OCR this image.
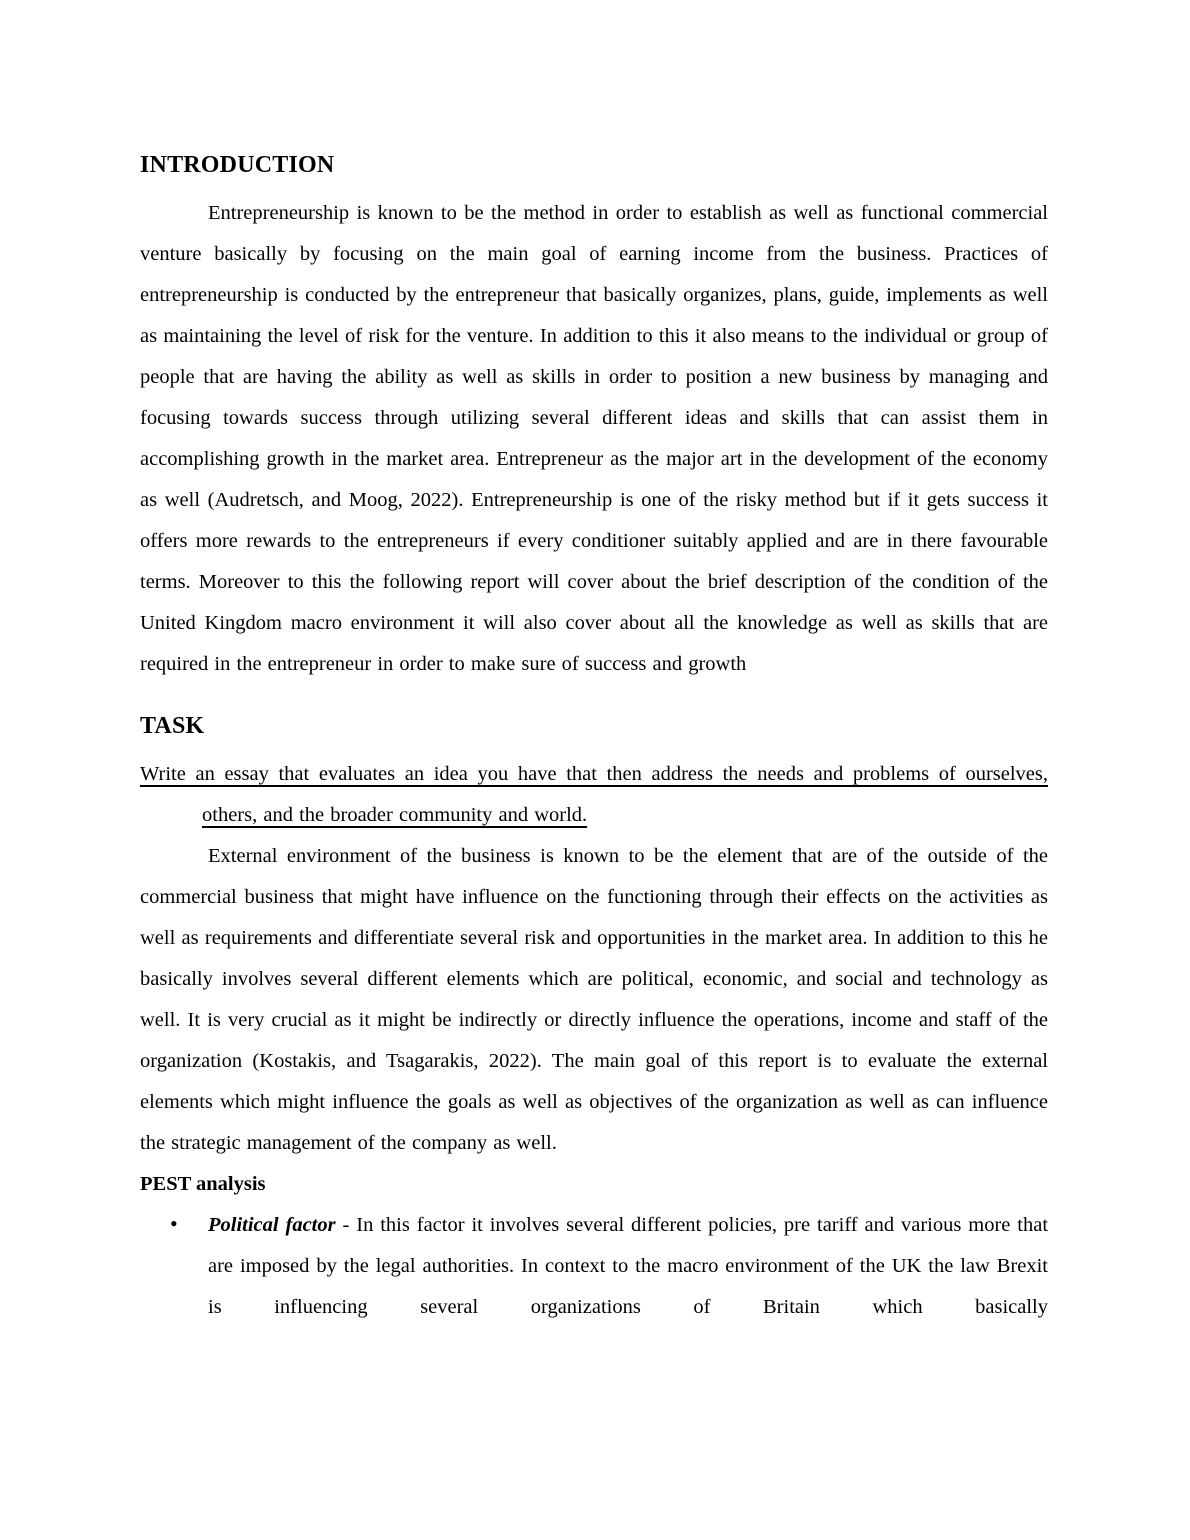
INTRODUCTION

Entrepreneurship is known to be the method in order to establish as well as functional commercial venture basically by focusing on the main goal of earning income from the business. Practices of entrepreneurship is conducted by the entrepreneur that basically organizes, plans, guide, implements as well as maintaining the level of risk for the venture. In addition to this it also means to the individual or group of people that are having the ability as well as skills in order to position a new business by managing and focusing towards success through utilizing several different ideas and skills that can assist them in accomplishing growth in the market area. Entrepreneur as the major art in the development of the economy as well (Audretsch, and Moog, 2022). Entrepreneurship is one of the risky method but if it gets success it offers more rewards to the entrepreneurs if every conditioner suitably applied and are in there favourable terms. Moreover to this the following report will cover about the brief description of the condition of the United Kingdom macro environment it will also cover about all the knowledge as well as skills that are required in the entrepreneur in order to make sure of success and growth

TASK

Write an essay that evaluates an idea you have that then address the needs and problems of ourselves, others, and the broader community and world.

External environment of the business is known to be the element that are of the outside of the commercial business that might have influence on the functioning through their effects on the activities as well as requirements and differentiate several risk and opportunities in the market area. In addition to this he basically involves several different elements which are political, economic, and social and technology as well. It is very crucial as it might be indirectly or directly influence the operations, income and staff of the organization (Kostakis, and Tsagarakis, 2022). The main goal of this report is to evaluate the external elements which might influence the goals as well as objectives of the organization as well as can influence the strategic management of the company as well.

PEST analysis
• Political factor - In this factor it involves several different policies, pre tariff and various more that are imposed by the legal authorities. In context to the macro environment of the UK the law Brexit is influencing several organizations of Britain which basically
